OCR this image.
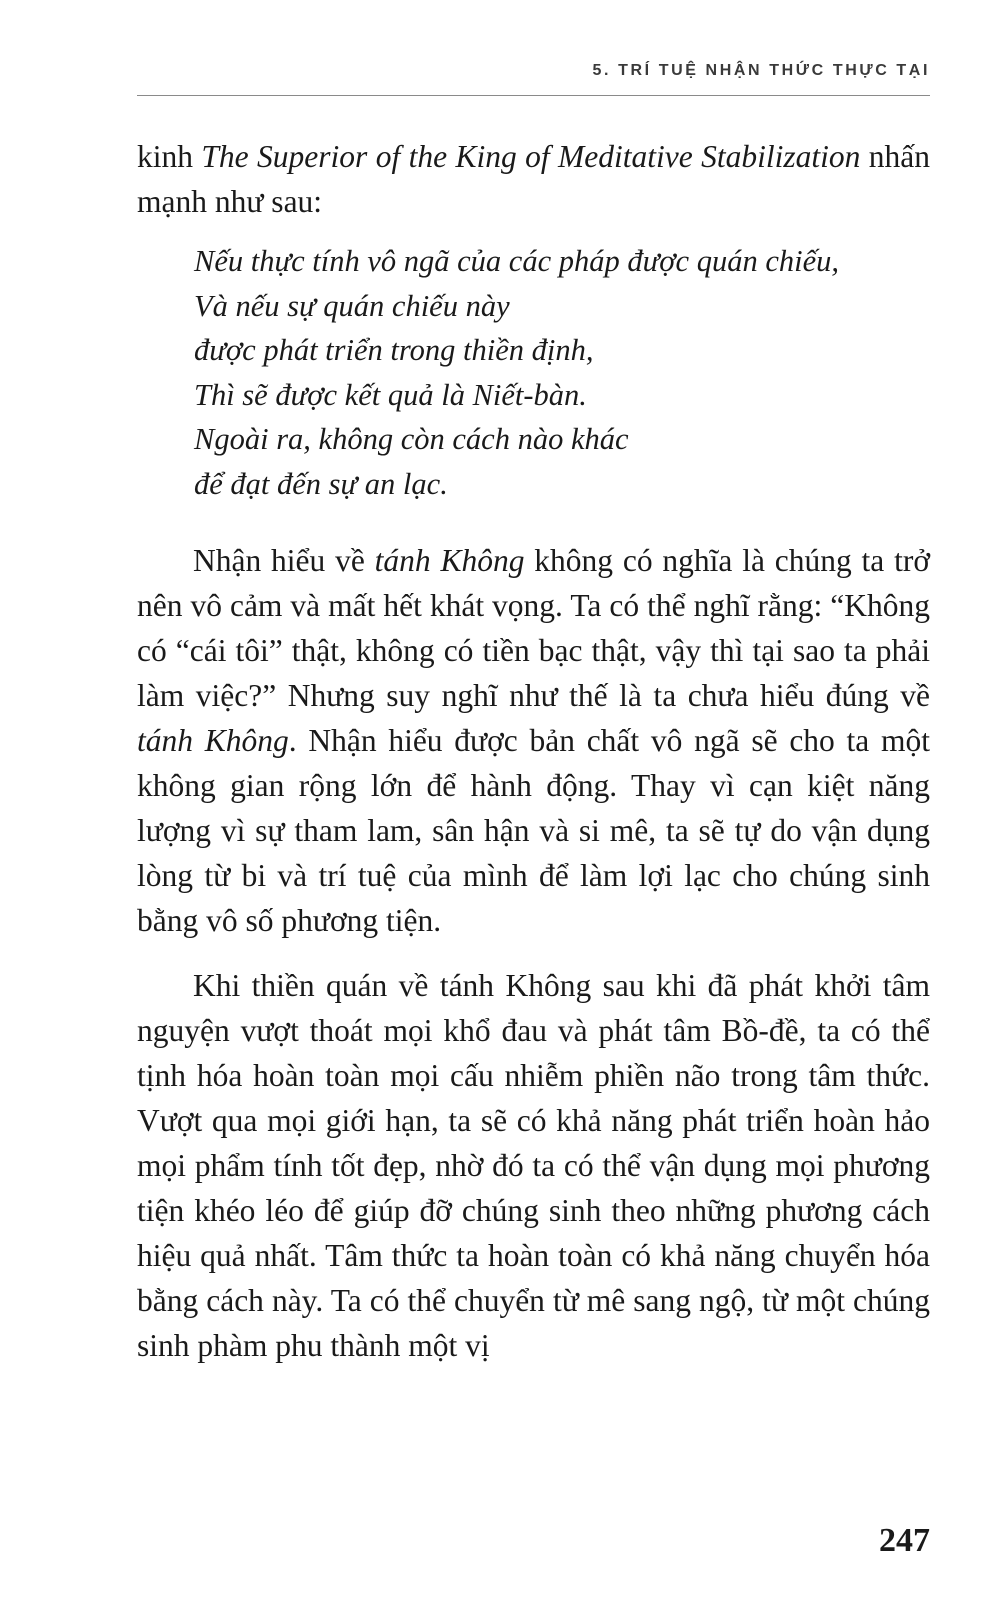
5. TRÍ TUỆ NHẬN THỨC THỰC TẠI

kinh The Superior of the King of Meditative Stabilization nhấn mạnh như sau:

Nếu thực tính vô ngã của các pháp được quán chiếu,
Và nếu sự quán chiếu này
được phát triển trong thiền định,
Thì sẽ được kết quả là Niết-bàn.
Ngoài ra, không còn cách nào khác
để đạt đến sự an lạc.

Nhận hiểu về tánh Không không có nghĩa là chúng ta trở nên vô cảm và mất hết khát vọng. Ta có thể nghĩ rằng: “Không có “cái tôi” thật, không có tiền bạc thật, vậy thì tại sao ta phải làm việc?” Nhưng suy nghĩ như thế là ta chưa hiểu đúng về tánh Không. Nhận hiểu được bản chất vô ngã sẽ cho ta một không gian rộng lớn để hành động. Thay vì cạn kiệt năng lượng vì sự tham lam, sân hận và si mê, ta sẽ tự do vận dụng lòng từ bi và trí tuệ của mình để làm lợi lạc cho chúng sinh bằng vô số phương tiện.

Khi thiền quán về tánh Không sau khi đã phát khởi tâm nguyện vượt thoát mọi khổ đau và phát tâm Bồ-đề, ta có thể tịnh hóa hoàn toàn mọi cấu nhiễm phiền não trong tâm thức. Vượt qua mọi giới hạn, ta sẽ có khả năng phát triển hoàn hảo mọi phẩm tính tốt đẹp, nhờ đó ta có thể vận dụng mọi phương tiện khéo léo để giúp đỡ chúng sinh theo những phương cách hiệu quả nhất. Tâm thức ta hoàn toàn có khả năng chuyển hóa bằng cách này. Ta có thể chuyển từ mê sang ngộ, từ một chúng sinh phàm phu thành một vị

247
